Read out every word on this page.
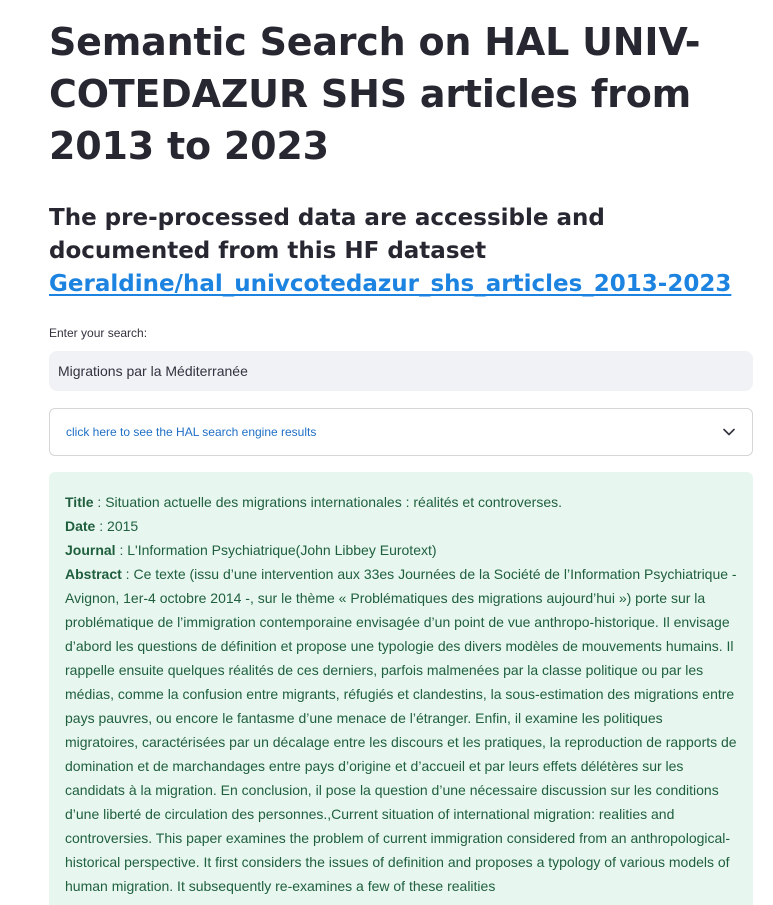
Semantic Search on HAL UNIV-COTEDAZUR SHS articles from 2013 to 2023
The pre-processed data are accessible and documented from this HF dataset
Geraldine/hal_univcotedazur_shs_articles_2013-2023
Enter your search:
Migrations par la Méditerranée
click here to see the HAL search engine results
Title : Situation actuelle des migrations internationales : réalités et controverses.
Date : 2015
Journal : L'Information Psychiatrique(John Libbey Eurotext)
Abstract : Ce texte (issu d’une intervention aux 33es Journées de la Société de l’Information Psychiatrique - Avignon, 1er-4 octobre 2014 -, sur le thème « Problématiques des migrations aujourd’hui ») porte sur la problématique de l’immigration contemporaine envisagée d’un point de vue anthropo-historique. Il envisage d’abord les questions de définition et propose une typologie des divers modèles de mouvements humains. Il rappelle ensuite quelques réalités de ces derniers, parfois malmenées par la classe politique ou par les médias, comme la confusion entre migrants, réfugiés et clandestins, la sous-estimation des migrations entre pays pauvres, ou encore le fantasme d’une menace de l’étranger. Enfin, il examine les politiques migratoires, caractérisées par un décalage entre les discours et les pratiques, la reproduction de rapports de domination et de marchandages entre pays d’origine et d’accueil et par leurs effets délétères sur les candidats à la migration. En conclusion, il pose la question d’une nécessaire discussion sur les conditions d’une liberté de circulation des personnes.,Current situation of international migration: realities and controversies. This paper examines the problem of current immigration considered from an anthropological-historical perspective. It first considers the issues of definition and proposes a typology of various models of human migration. It subsequently re-examines a few of these realities
